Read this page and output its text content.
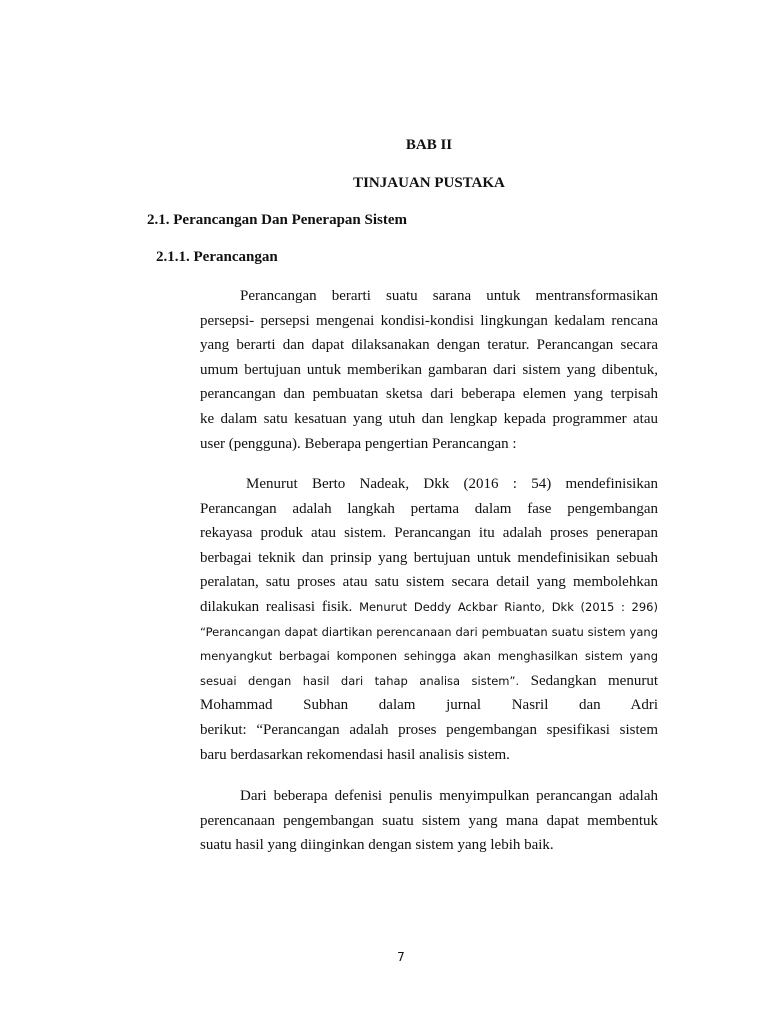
BAB II
TINJAUAN PUSTAKA
2.1. Perancangan Dan Penerapan Sistem
2.1.1. Perancangan
Perancangan berarti suatu sarana untuk mentransformasikan
persepsi- persepsi mengenai kondisi-kondisi lingkungan kedalam rencana
yang berarti dan dapat dilaksanakan dengan teratur. Perancangan secara
umum bertujuan untuk memberikan gambaran dari sistem yang dibentuk,
perancangan dan pembuatan sketsa dari beberapa elemen yang terpisah
ke dalam satu kesatuan yang utuh dan lengkap kepada programmer atau
user (pengguna). Beberapa pengertian Perancangan :
Menurut Berto Nadeak, Dkk (2016 : 54) mendefinisikan
Perancangan adalah langkah pertama dalam fase pengembangan
rekayasa produk atau sistem. Perancangan itu adalah proses penerapan
berbagai teknik dan prinsip yang bertujuan untuk mendefinisikan sebuah
peralatan, satu proses atau satu sistem secara detail yang membolehkan
dilakukan realisasi fisik. Menurut Deddy Ackbar Rianto, Dkk (2015 : 296)
“Perancangan dapat diartikan perencanaan dari pembuatan suatu sistem yang
menyangkut berbagai komponen sehingga akan menghasilkan sistem yang
sesuai dengan hasil dari tahap analisa sistem”. Sedangkan menurut
Mohammad Subhan dalam jurnal Nasril dan Adri
berikut: “Perancangan adalah proses pengembangan spesifikasi sistem
baru berdasarkan rekomendasi hasil analisis sistem.
Dari beberapa defenisi penulis menyimpulkan perancangan adalah
perencanaan pengembangan suatu sistem yang mana dapat membentuk
suatu hasil yang diinginkan dengan sistem yang lebih baik.

7
